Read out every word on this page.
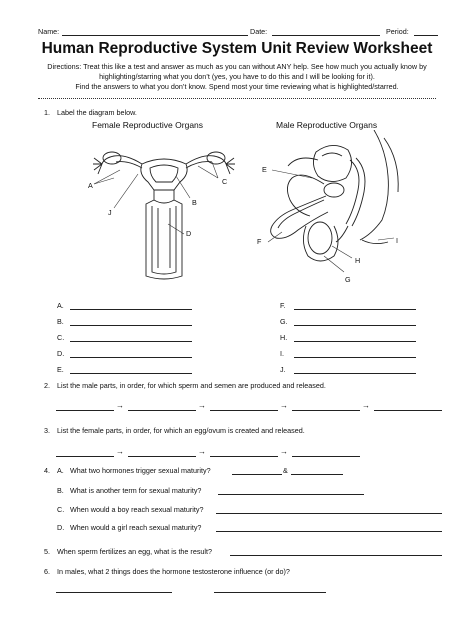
Name:	Date:	Period:
Human Reproductive System Unit Review Worksheet
Directions: Treat this like a test and answer as much as you can without ANY help. See how much you actually know by
highlighting/starring what you don’t (yes, you have to do this and I will be looking for it).
Find the answers to what you don’t know. Spend most your time reviewing what is highlighted/starred.
1. Label the diagram below.
Female Reproductive Organs	Male Reproductive Organs
A
B
C
D
J
E
F
G
H
I
A.
B.
C.
D.
E.
F.
G.
H.
I.
J.
2. List the male parts, in order, for which sperm and semen are produced and released.
→	→	→	→
3. List the female parts, in order, for which an egg/ovum is created and released.
→	→	→
4. A. What two hormones trigger sexual maturity?	&
B. What is another term for sexual maturity?
C. When would a boy reach sexual maturity?
D. When would a girl reach sexual maturity?
5. When sperm fertilizes an egg, what is the result?
6. In males, what 2 things does the hormone testosterone influence (or do)?
